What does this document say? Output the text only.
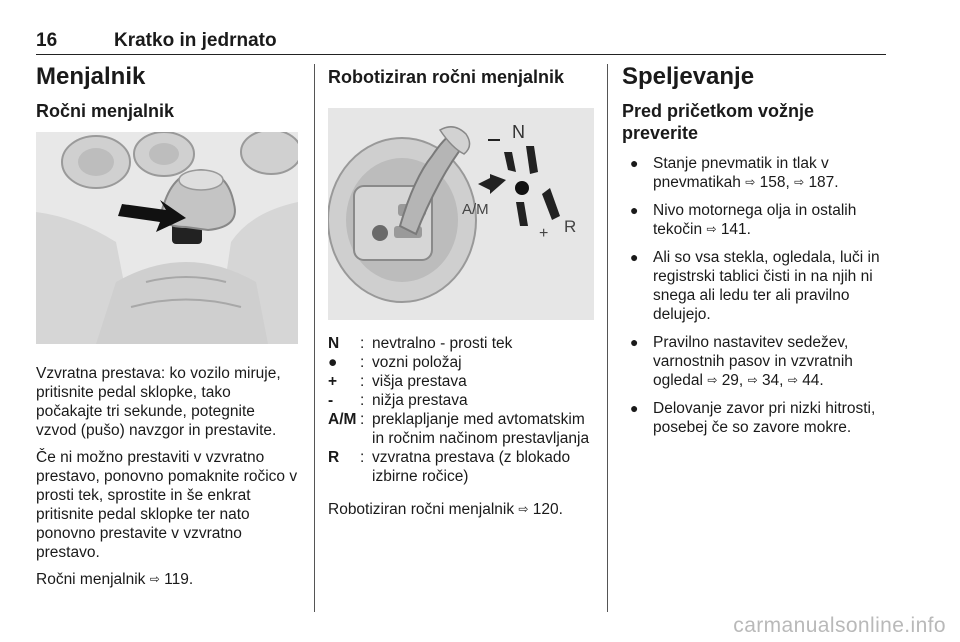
16	Kratko in jedrnato
Menjalnik
Ročni menjalnik

Vzvratna prestava: ko vozilo miruje, pritisnite pedal sklopke, tako počakajte tri sekunde, potegnite vzvod (pušo) navzgor in prestavite.

Če ni možno prestaviti v vzvratno prestavo, ponovno pomaknite ročico v prosti tek, sprostite in še enkrat pritisnite pedal sklopke ter nato ponovno prestavite v vzvratno prestavo.

Ročni menjalnik ⇨ 119.

Robotiziran ročni menjalnik
N
A/M
+ R
N	:	nevtralno - prosti tek
●	:	vozni položaj
+	:	višja prestava
-	:	nižja prestava
A/M	:	preklapljanje med avtomatskim in ročnim načinom prestavljanja
R	:	vzvratna prestava (z blokado izbirne ročice)

Robotiziran ročni menjalnik ⇨ 120.

Speljevanje
Pred pričetkom vožnje preverite
● Stanje pnevmatik in tlak v pnevmatikah ⇨ 158, ⇨ 187.
● Nivo motornega olja in ostalih tekočin ⇨ 141.
● Ali so vsa stekla, ogledala, luči in registrski tablici čisti in na njih ni snega ali ledu ter ali pravilno delujejo.
● Pravilno nastavitev sedežev, varnostnih pasov in vzvratnih ogledal ⇨ 29, ⇨ 34, ⇨ 44.
● Delovanje zavor pri nizki hitrosti, posebej če so zavore mokre.
carmanualsonline.info
